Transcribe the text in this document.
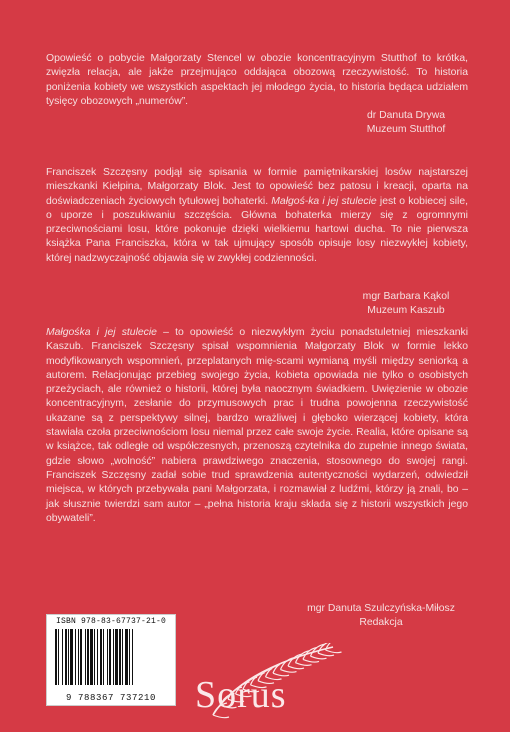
Opowieść o pobycie Małgorzaty Stencel w obozie koncentracyjnym Stutthof to krótka, zwięzła relacja, ale jakże przejmująco oddająca obozową rzeczywistość. To historia poniżenia kobiety we wszystkich aspektach jej młodego życia, to historia będąca udziałem tysięcy obozowych „numerów”.

dr Danuta Drywa
Muzeum Stutthof

Franciszek Szczęsny podjął się spisania w formie pamiętnikarskiej losów najstarszej mieszkanki Kiełpina, Małgorzaty Blok. Jest to opowieść bez patosu i kreacji, oparta na doświadczeniach życiowych tytułowej bohaterki. Małgoś-ka i jej stulecie jest o kobiecej sile, o uporze i poszukiwaniu szczęścia. Główna bohaterka mierzy się z ogromnymi przeciwnościami losu, które pokonuje dzięki wielkiemu hartowi ducha. To nie pierwsza książka Pana Franciszka, która w tak ujmujący sposób opisuje losy niezwykłej kobiety, której nadzwyczajność objawia się w zwykłej codzienności.

mgr Barbara Kąkol
Muzeum Kaszub

Małgośka i jej stulecie – to opowieść o niezwykłym życiu ponadstuletniej mieszkanki Kaszub. Franciszek Szczęsny spisał wspomnienia Małgorzaty Blok w formie lekko modyfikowanych wspomnień, przeplatanych mię-scami wymianą myśli między seniorką a autorem. Relacjonując przebieg swojego życia, kobieta opowiada nie tylko o osobistych przeżyciach, ale również o historii, której była naocznym świadkiem. Uwięzienie w obozie koncentracyjnym, zesłanie do przymusowych prac i trudna powojenna rzeczywistość ukazane są z perspektywy silnej, bardzo wrażliwej i głęboko wierzącej kobiety, która stawiała czoła przeciwnościom losu niemal przez całe swoje życie. Realia, które opisane są w książce, tak odległe od współczesnych, przenoszą czytelnika do zupełnie innego świata, gdzie słowo „wolność” nabiera prawdziwego znaczenia, stosownego do swojej rangi. Franciszek Szczęsny zadał sobie trud sprawdzenia autentyczności wydarzeń, odwiedził miejsca, w których przebywała pani Małgorzata, i rozmawiał z ludźmi, którzy ją znali, bo – jak słusznie twierdzi sam autor – „pełna historia kraju składa się z historii wszystkich jego obywateli”.

mgr Danuta Szulczyńska-Miłosz
Redakcja
ISBN 978-83-67737-21-0
9 788367 737210	Sorus
